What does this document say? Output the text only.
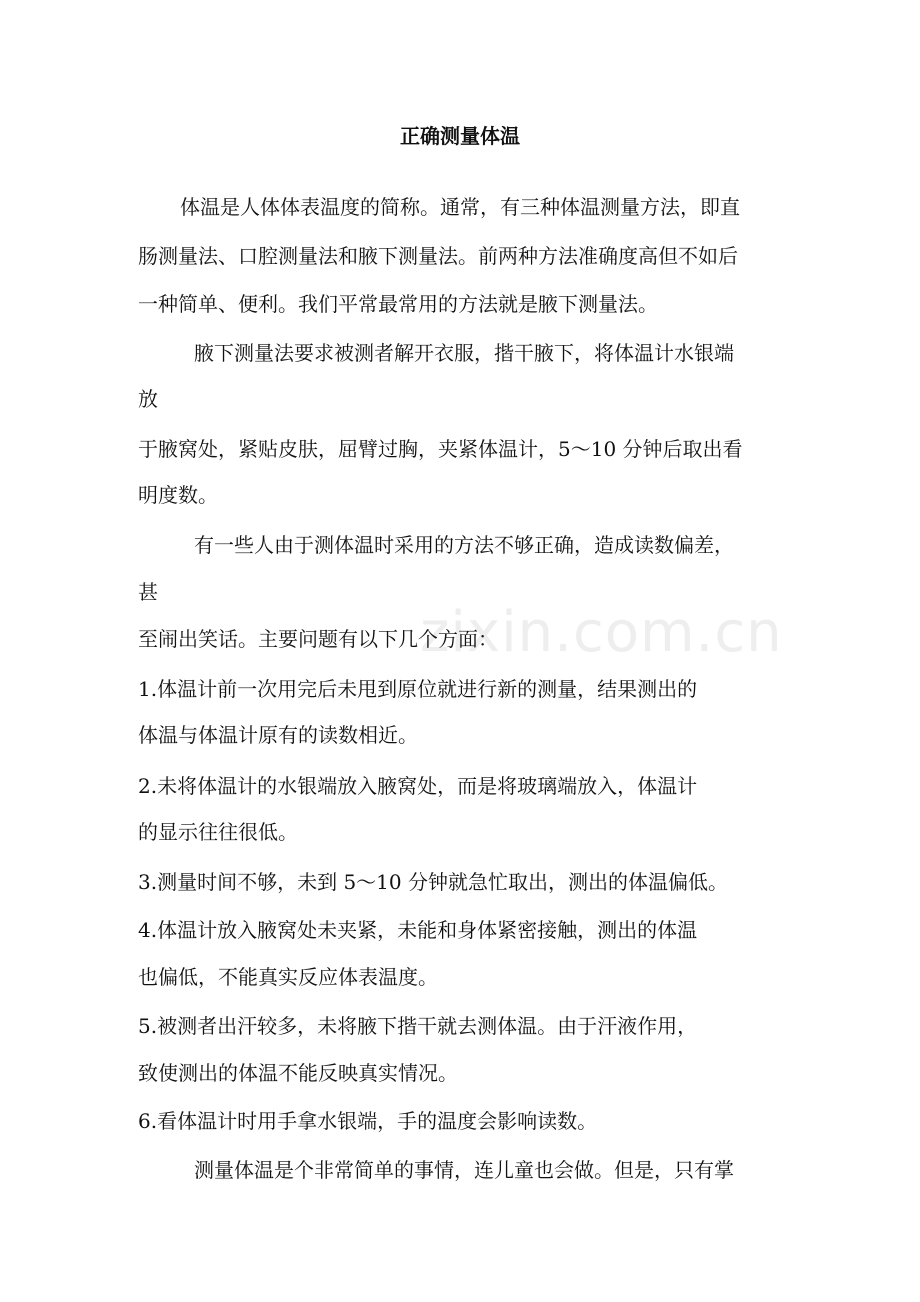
zixin.com.cn
正确测量体温

体温是人体体表温度的简称。通常，有三种体温测量方法，即直

肠测量法、口腔测量法和腋下测量法。前两种方法准确度高但不如后

一种简单、便利。我们平常最常用的方法就是腋下测量法。

腋下测量法要求被测者解开衣服，揩干腋下，将体温计水银端

放

于腋窝处，紧贴皮肤，屈臂过胸，夹紧体温计，5～10 分钟后取出看

明度数。

有一些人由于测体温时采用的方法不够正确，造成读数偏差，

甚

至闹出笑话。主要问题有以下几个方面：

1.体温计前一次用完后未甩到原位就进行新的测量，结果测出的

体温与体温计原有的读数相近。

2.未将体温计的水银端放入腋窝处，而是将玻璃端放入，体温计

的显示往往很低。

3.测量时间不够，未到 5～10 分钟就急忙取出，测出的体温偏低。

4.体温计放入腋窝处未夹紧，未能和身体紧密接触，测出的体温

也偏低，不能真实反应体表温度。

5.被测者出汗较多，未将腋下揩干就去测体温。由于汗液作用，

致使测出的体温不能反映真实情况。

6.看体温计时用手拿水银端，手的温度会影响读数。

测量体温是个非常简单的事情，连儿童也会做。但是，只有掌
